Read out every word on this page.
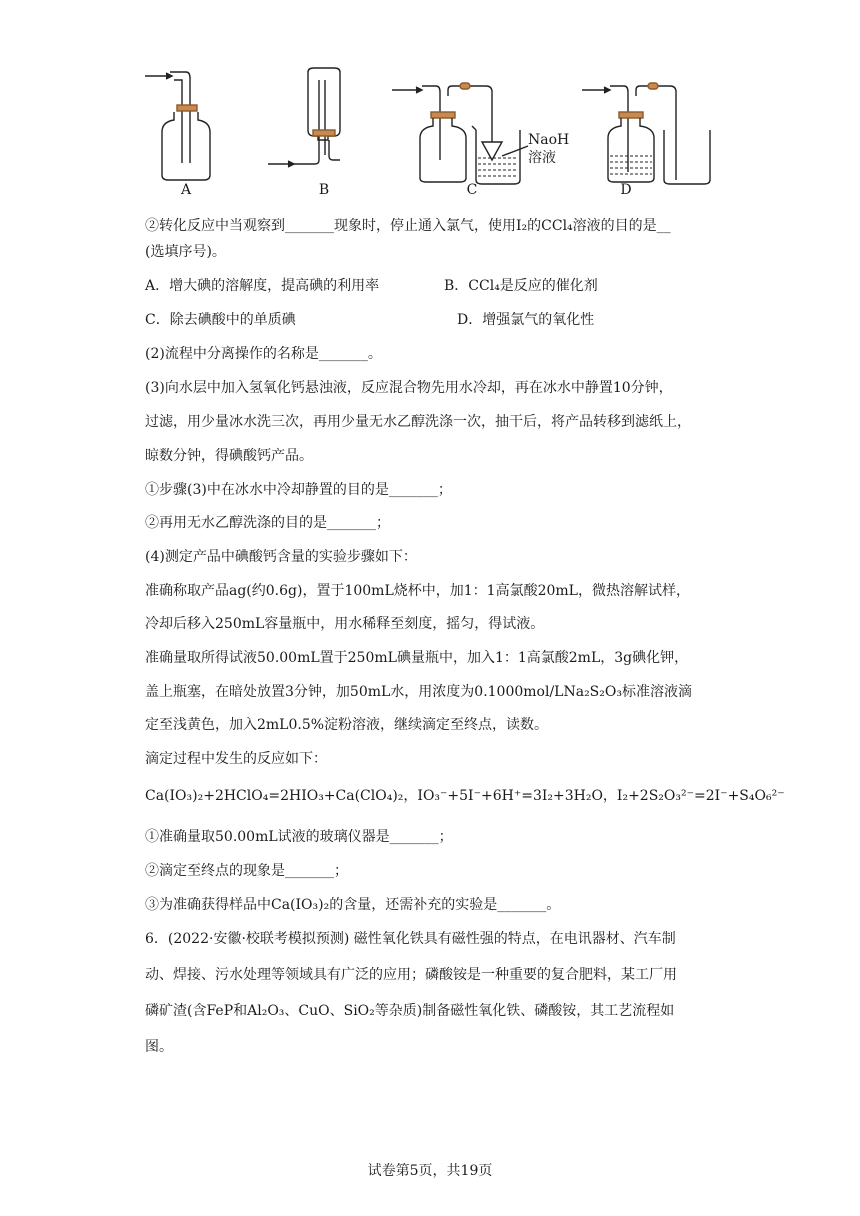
A	B	C	D
NaoH
溶液
②转化反应中当观察到_______现象时，停止通入氯气，使用I₂的CCl₄溶液的目的是__
(选填序号)。
A．增大碘的溶解度，提高碘的利用率	B．CCl₄是反应的催化剂
C．除去碘酸中的单质碘	D．增强氯气的氧化性
(2)流程中分离操作的名称是_______。
(3)向水层中加入氢氧化钙悬浊液，反应混合物先用水冷却，再在冰水中静置10分钟，
过滤，用少量冰水洗三次，再用少量无水乙醇洗涤一次，抽干后，将产品转移到滤纸上，
晾数分钟，得碘酸钙产品。
①步骤(3)中在冰水中冷却静置的目的是_______；
②再用无水乙醇洗涤的目的是_______；
(4)测定产品中碘酸钙含量的实验步骤如下：
准确称取产品ag(约0.6g)，置于100mL烧杯中，加1：1高氯酸20mL，微热溶解试样，
冷却后移入250mL容量瓶中，用水稀释至刻度，摇匀，得试液。
准确量取所得试液50.00mL置于250mL碘量瓶中，加入1：1高氯酸2mL，3g碘化钾，
盖上瓶塞，在暗处放置3分钟，加50mL水，用浓度为0.1000mol/LNa₂S₂O₃标准溶液滴
定至浅黄色，加入2mL0.5%淀粉溶液，继续滴定至终点，读数。
滴定过程中发生的反应如下：
Ca(IO₃)₂+2HClO₄=2HIO₃+Ca(ClO₄)₂，IO₃⁻+5I⁻+6H⁺=3I₂+3H₂O，I₂+2S₂O₃²⁻=2I⁻+S₄O₆²⁻
①准确量取50.00mL试液的玻璃仪器是_______；
②滴定至终点的现象是_______；
③为准确获得样品中Ca(IO₃)₂的含量，还需补充的实验是_______。
6．(2022·安徽·校联考模拟预测) 磁性氧化铁具有磁性强的特点，在电讯器材、汽车制
动、焊接、污水处理等领域具有广泛的应用；磷酸铵是一种重要的复合肥料，某工厂用
磷矿渣(含FeP和Al₂O₃、CuO、SiO₂等杂质)制备磁性氧化铁、磷酸铵，其工艺流程如
图。
试卷第5页，共19页
